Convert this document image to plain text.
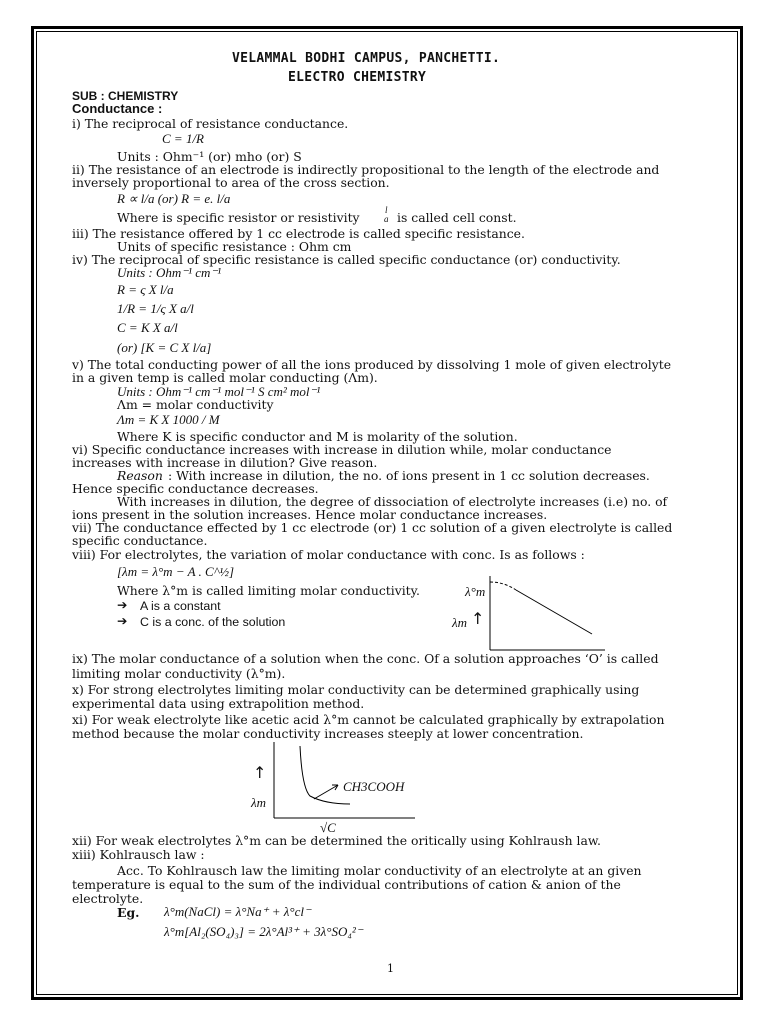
VELAMMAL BODHI CAMPUS, PANCHETTI.
ELECTRO CHEMISTRY
SUB : CHEMISTRY
Conductance :
i) The reciprocal of resistance conductance.
C = 1/R
Units : Ohm⁻¹ (or) mho (or) S
ii) The resistance of an electrode is indirectly propositional to the length of the electrode and
inversely proportional to area of the cross section.
R ∝ l/a (or) R = e. l/a
Where is specific resistor or resistivity	l
a is called cell const.
iii) The resistance offered by 1 cc electrode is called specific resistance.
Units of specific resistance : Ohm cm
iv) The reciprocal of specific resistance is called specific conductance (or) conductivity.
Units : Ohm⁻¹ cm⁻¹
R = ς X l/a
1/R = 1/ς X a/l
C = K X a/l
(or) [K = C X l/a]
v) The total conducting power of all the ions produced by dissolving 1 mole of given electrolyte
in a given temp is called molar conducting (Λm).
Units : Ohm⁻¹ cm⁻¹ mol⁻¹ S cm² mol⁻¹
Λm = molar conductivity
Λm = K X 1000 / M
Where K is specific conductor and M is molarity of the solution.
vi) Specific conductance increases with increase in dilution while, molar conductance
increases with increase in dilution? Give reason.
Reason : With increase in dilution, the no. of ions present in 1 cc solution decreases.
Hence specific conductance decreases.
With increases in dilution, the degree of dissociation of electrolyte increases (i.e) no. of
ions present in the solution increases. Hence molar conductance increases.
vii) The conductance effected by 1 cc electrode (or) 1 cc solution of a given electrolyte is called
specific conductance.
viii) For electrolytes, the variation of molar conductance with conc. Is as follows :
[λm = λ°m − A . C^½]
Where λ°m is called limiting molar conductivity.
➔ A is a constant
➔ C is a conc. of the solution
λ°m
λm ↑
ix) The molar conductance of a solution when the conc. Of a solution approaches ‘O’ is called
limiting molar conductivity (λ°m).
x) For strong electrolytes limiting molar conductivity can be determined graphically using
experimental data using extrapolition method.
xi) For weak electrolyte like acetic acid λ°m cannot be calculated graphically by extrapolation
method because the molar conductivity increases steeply at lower concentration.
↑
λm
CH3COOH
√C
xii) For weak electrolytes λ°m can be determined the oritically using Kohlraush law.
xiii) Kohlrausch law :
Acc. To Kohlrausch law the limiting molar conductivity of an electrolyte at an given
temperature is equal to the sum of the individual contributions of cation & anion of the
electrolyte.
Eg. λ°m(NaCl) = λ°Na⁺ + λ°cl⁻
λ°m[Al₂(SO₄)₃] = 2λ°Al³⁺ + 3λ°SO₄²⁻
1
